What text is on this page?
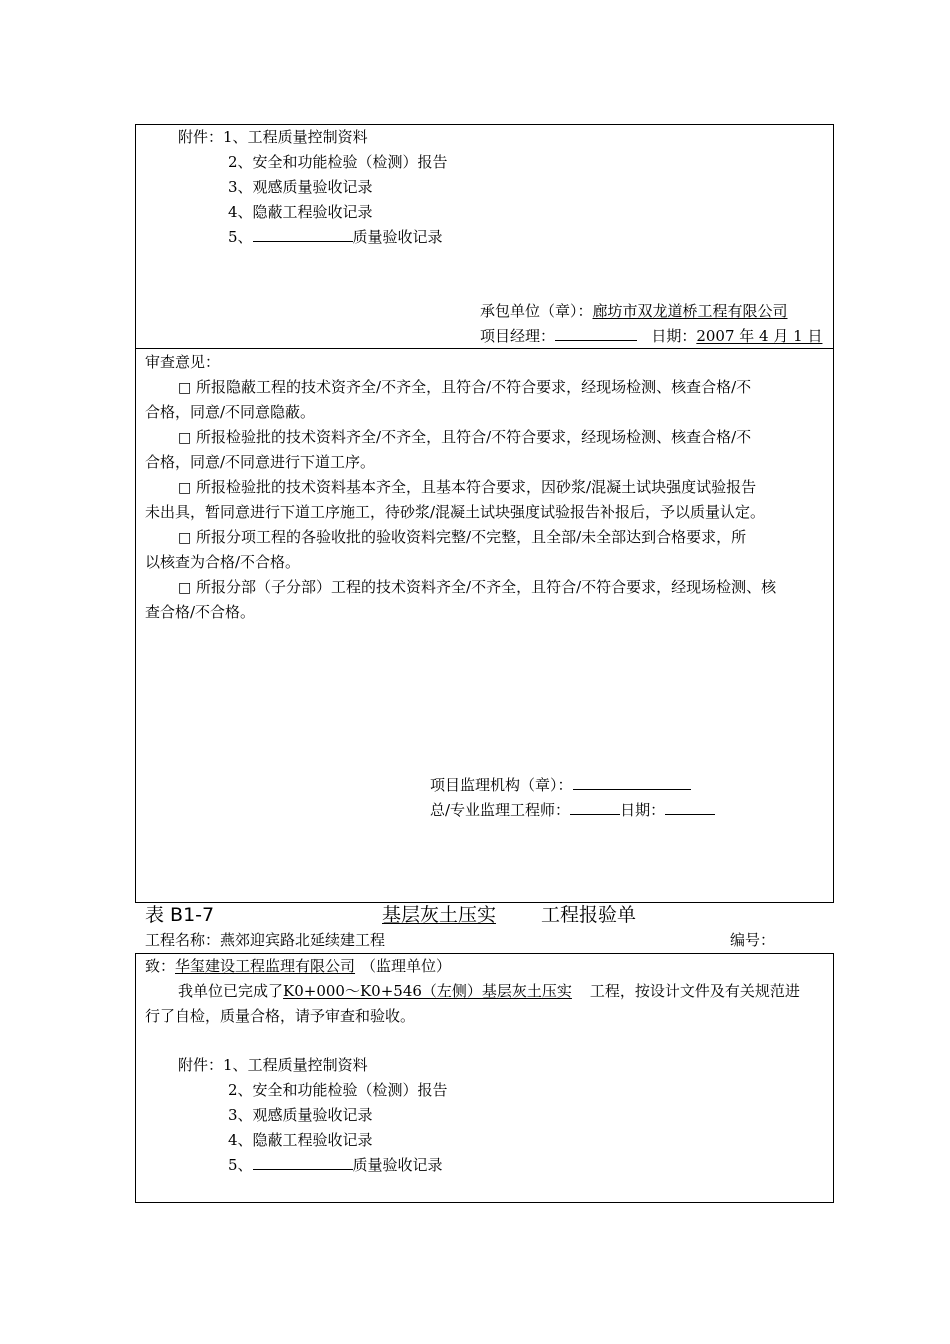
附件：1、工程质量控制资料
2、安全和功能检验（检测）报告
3、观感质量验收记录
4、隐蔽工程验收记录
5、	质量验收记录
承包单位（章）：廊坊市双龙道桥工程有限公司
项目经理：	日期：2007 年 4 月 1 日
审查意见：
□ 所报隐蔽工程的技术资齐全/不齐全，且符合/不符合要求，经现场检测、核查合格/不
合格，同意/不同意隐蔽。
□ 所报检验批的技术资料齐全/不齐全，且符合/不符合要求，经现场检测、核查合格/不
合格，同意/不同意进行下道工序。
□ 所报检验批的技术资料基本齐全，且基本符合要求，因砂浆/混凝土试块强度试验报告
未出具，暂同意进行下道工序施工，待砂浆/混凝土试块强度试验报告补报后，予以质量认定。
□ 所报分项工程的各验收批的验收资料完整/不完整，且全部/未全部达到合格要求，所
以核查为合格/不合格。
□ 所报分部（子分部）工程的技术资料齐全/不齐全，且符合/不符合要求，经现场检测、核
查合格/不合格。
项目监理机构（章）：
总/专业监理工程师：	日期：
表 B1-7	基层灰土压实 工程报验单
工程名称：燕郊迎宾路北延续建工程	编号：
致：华玺建设工程监理有限公司 （监理单位）
我单位已完成了K0+000～K0+546（左侧）基层灰土压实 工程，按设计文件及有关规范进
行了自检，质量合格，请予审查和验收。
附件：1、工程质量控制资料
2、安全和功能检验（检测）报告
3、观感质量验收记录
4、隐蔽工程验收记录
5、	质量验收记录
